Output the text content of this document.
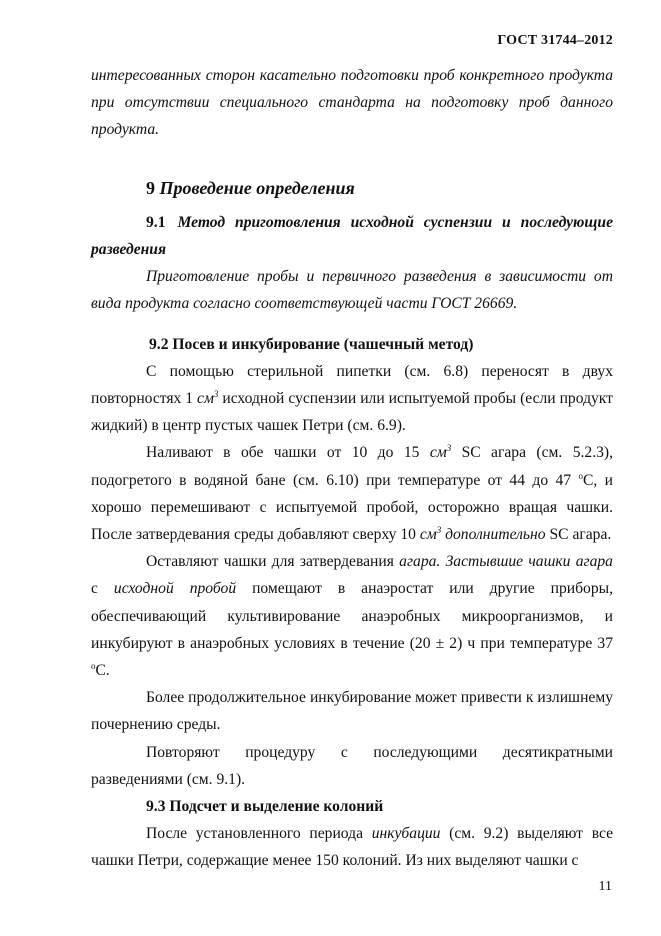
ГОСТ 31744–2012

интересованных сторон касательно подготовки проб конкретного продукта при отсутствии специального стандарта на подготовку проб данного продукта.

9 Проведение определения

9.1 Метод приготовления исходной суспензии и последующие разведения

Приготовление пробы и первичного разведения в зависимости от вида продукта согласно соответствующей части ГОСТ 26669.

9.2 Посев и инкубирование (чашечный метод)

С помощью стерильной пипетки (см. 6.8) переносят в двух повторностях 1 $см^3$ исходной суспензии или испытуемой пробы (если продукт жидкий) в центр пустых чашек Петри (см. 6.9).

Наливают в обе чашки от 10 до 15 $см^3$ SC агара (см. 5.2.3), подогретого в водяной бане (см. 6.10) при температуре от 44 до 47 $^о$С, и хорошо перемешивают с испытуемой пробой, осторожно вращая чашки. После затвердевания среды добавляют сверху 10 $см^3$ дополнительно SC агара.

Оставляют чашки для затвердевания агара. Застывшие чашки агара с исходной пробой помещают в анаэростат или другие приборы, обеспечивающий культивирование анаэробных микроорганизмов, и инкубируют в анаэробных условиях в течение (20 ± 2) ч при температуре 37 $^о$С.

Более продолжительное инкубирование может привести к излишнему почернению среды.

Повторяют процедуру с последующими десятикратными разведениями (см. 9.1).

9.3 Подсчет и выделение колоний

После установленного периода инкубации (см. 9.2) выделяют все чашки Петри, содержащие менее 150 колоний. Из них выделяют чашки с

11
